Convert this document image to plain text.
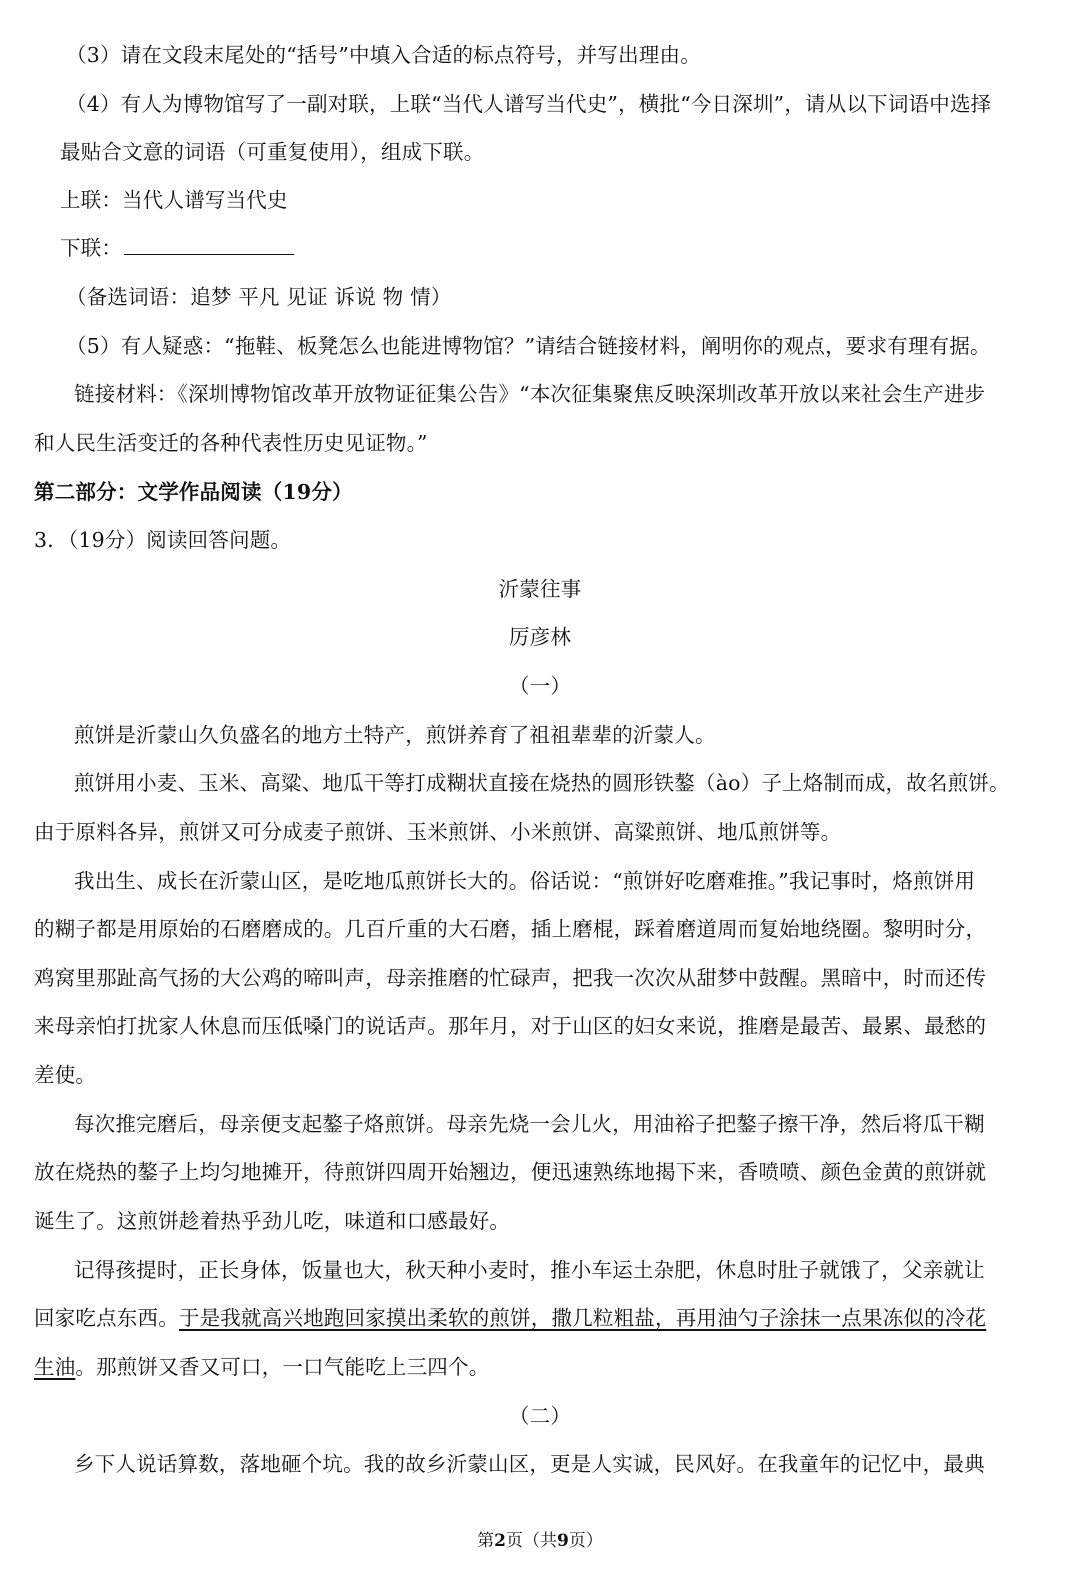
（3）请在文段末尾处的“括号”中填入合适的标点符号，并写出理由。
（4）有人为博物馆写了一副对联，上联“当代人谱写当代史”，横批“今日深圳”，请从以下词语中选择
最贴合文意的词语（可重复使用），组成下联。
上联：当代人谱写当代史
下联：
（备选词语：追梦 平凡 见证 诉说 物 情）
（5）有人疑惑：“拖鞋、板凳怎么也能进博物馆？”请结合链接材料，阐明你的观点，要求有理有据。
链接材料：《深圳博物馆改革开放物证征集公告》“本次征集聚焦反映深圳改革开放以来社会生产进步
和人民生活变迁的各种代表性历史见证物。”
第二部分：文学作品阅读（19分）
3．（19分）阅读回答问题。
沂蒙往事
厉彦林
（一）
煎饼是沂蒙山久负盛名的地方土特产，煎饼养育了祖祖辈辈的沂蒙人。
煎饼用小麦、玉米、高粱、地瓜干等打成糊状直接在烧热的圆形铁鏊（ào）子上烙制而成，故名煎饼。
由于原料各异，煎饼又可分成麦子煎饼、玉米煎饼、小米煎饼、高粱煎饼、地瓜煎饼等。
我出生、成长在沂蒙山区，是吃地瓜煎饼长大的。俗话说：“煎饼好吃磨难推。”我记事时，烙煎饼用
的糊子都是用原始的石磨磨成的。几百斤重的大石磨，插上磨棍，踩着磨道周而复始地绕圈。黎明时分，
鸡窝里那趾高气扬的大公鸡的啼叫声，母亲推磨的忙碌声，把我一次次从甜梦中鼓醒。黑暗中，时而还传
来母亲怕打扰家人休息而压低嗓门的说话声。那年月，对于山区的妇女来说，推磨是最苦、最累、最愁的
差使。
每次推完磨后，母亲便支起鏊子烙煎饼。母亲先烧一会儿火，用油裕子把鏊子擦干净，然后将瓜干糊
放在烧热的鏊子上均匀地摊开，待煎饼四周开始翘边，便迅速熟练地揭下来，香喷喷、颜色金黄的煎饼就
诞生了。这煎饼趁着热乎劲儿吃，味道和口感最好。
记得孩提时，正长身体，饭量也大，秋天种小麦时，推小车运土杂肥，休息时肚子就饿了，父亲就让
回家吃点东西。于是我就高兴地跑回家摸出柔软的煎饼，撒几粒粗盐，再用油勺子涂抹一点果冻似的冷花
生油。那煎饼又香又可口，一口气能吃上三四个。
（二）
乡下人说话算数，落地砸个坑。我的故乡沂蒙山区，更是人实诚，民风好。在我童年的记忆中，最典
第2页（共9页）
